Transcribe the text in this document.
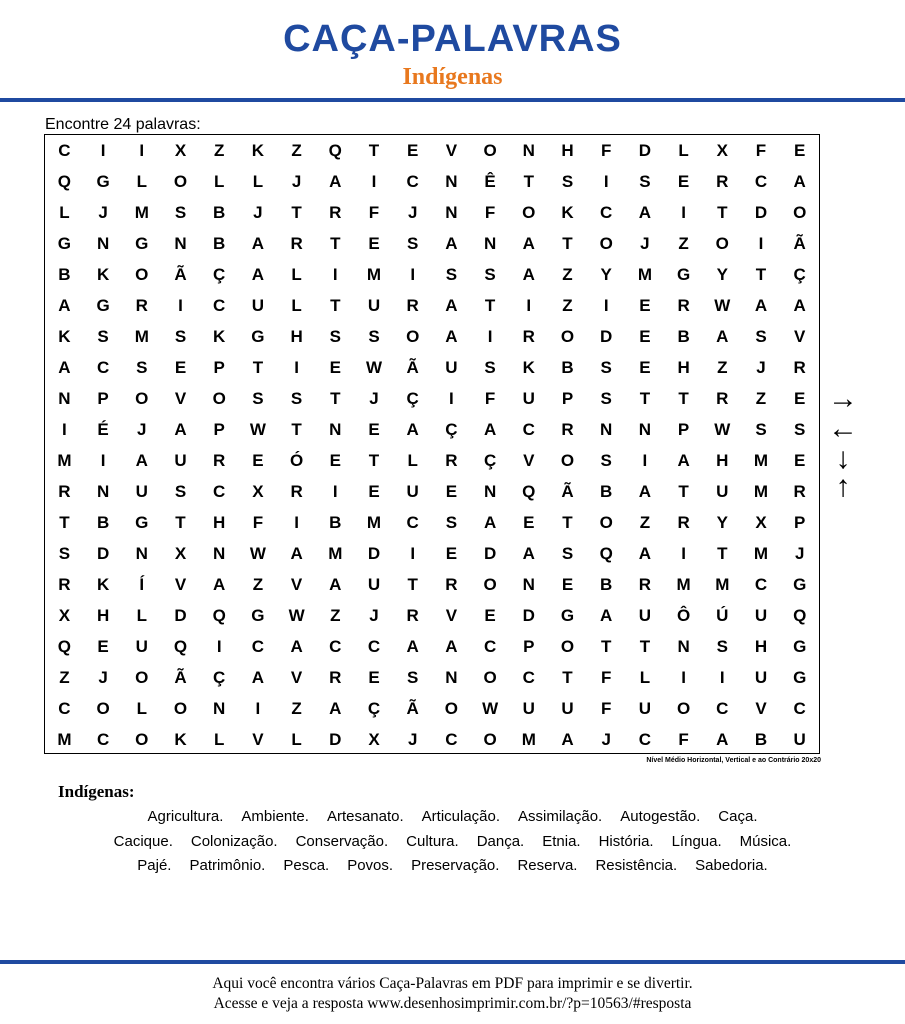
CAÇA-PALAVRAS
Indígenas
Encontre 24 palavras:
C	I	I	X	Z	K	Z	Q	T	E	V	O	N	H	F	D	L	X	F	E
Q	G	L	O	L	L	J	A	I	C	N	Ê	T	S	I	S	E	R	C	A
L	J	M	S	B	J	T	R	F	J	N	F	O	K	C	A	I	T	D	O
G	N	G	N	B	A	R	T	E	S	A	N	A	T	O	J	Z	O	I	Ã
B	K	O	Ã	Ç	A	L	I	M	I	S	S	A	Z	Y	M	G	Y	T	Ç
A	G	R	I	C	U	L	T	U	R	A	T	I	Z	I	E	R	W	A	A
K	S	M	S	K	G	H	S	S	O	A	I	R	O	D	E	B	A	S	V
A	C	S	E	P	T	I	E	W	Ã	U	S	K	B	S	E	H	Z	J	R
N	P	O	V	O	S	S	T	J	Ç	I	F	U	P	S	T	T	R	Z	E
I	É	J	A	P	W	T	N	E	A	Ç	A	C	R	N	N	P	W	S	S
M	I	A	U	R	E	Ó	E	T	L	R	Ç	V	O	S	I	A	H	M	E
R	N	U	S	C	X	R	I	E	U	E	N	Q	Ã	B	A	T	U	M	R
T	B	G	T	H	F	I	B	M	C	S	A	E	T	O	Z	R	Y	X	P
S	D	N	X	N	W	A	M	D	I	E	D	A	S	Q	A	I	T	M	J
R	K	Í	V	A	Z	V	A	U	T	R	O	N	E	B	R	M	M	C	G
X	H	L	D	Q	G	W	Z	J	R	V	E	D	G	A	U	Ô	Ú	U	Q
Q	E	U	Q	I	C	A	C	C	A	A	C	P	O	T	T	N	S	H	G
Z	J	O	Ã	Ç	A	V	R	E	S	N	O	C	T	F	L	I	I	U	G
C	O	L	O	N	I	Z	A	Ç	Ã	O	W	U	U	F	U	O	C	V	C
M	C	O	K	L	V	L	D	X	J	C	O	M	A	J	C	F	A	B	U
Nível Médio Horizontal, Vertical e ao Contrário 20x20
→
←
↓
↑
Indígenas:
Agricultura. Ambiente. Artesanato. Articulação. Assimilação. Autogestão. Caça.
Cacique. Colonização. Conservação. Cultura. Dança. Etnia. História. Língua. Música.
Pajé. Patrimônio. Pesca. Povos. Preservação. Reserva. Resistência. Sabedoria.
Aqui você encontra vários Caça-Palavras em PDF para imprimir e se divertir.
Acesse e veja a resposta www.desenhosimprimir.com.br/?p=10563/#resposta
